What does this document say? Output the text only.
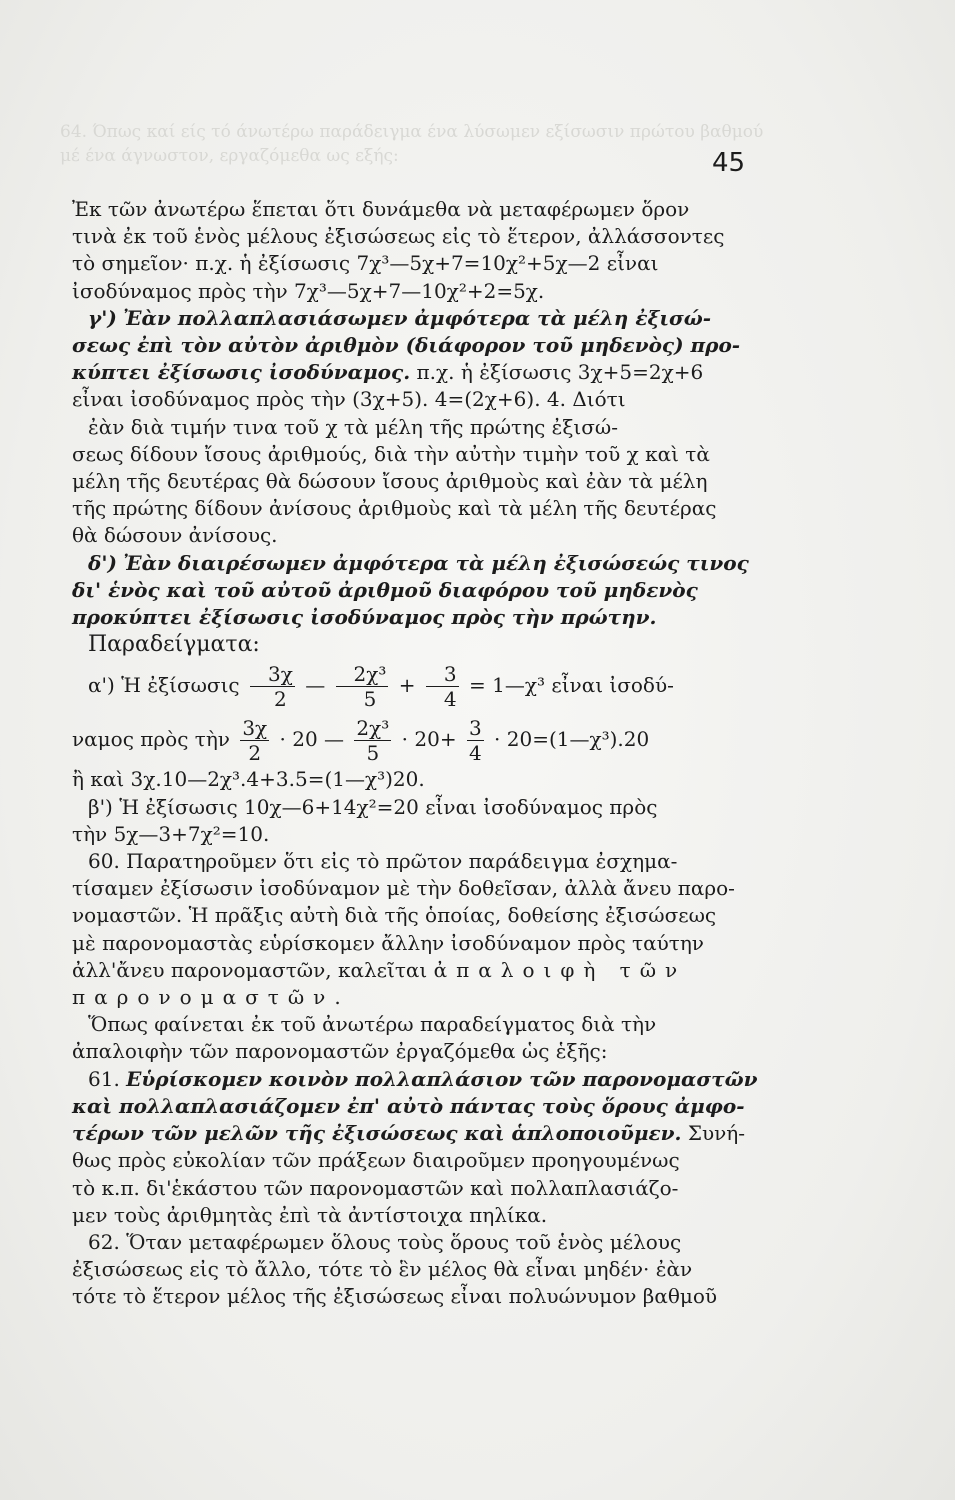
64. Όπως καί είς τό άνωτέρω παράδειγμα ένα λύσωμεν εξίσωσιν πρώτου βαθμού μέ ένα άγνωστον, εργαζόμεθα ως εξής:	45

Ἐκ τῶν ἀνωτέρω ἕπεται ὅτι δυνάμεθα νὰ μεταφέρωμεν ὅρον

τινὰ ἐκ τοῦ ἑνὸς μέλους ἐξισώσεως εἰς τὸ ἕτερον, ἀλλάσσοντες

τὸ σημεῖον· π.χ. ἡ ἐξίσωσις 7χ³—5χ+7=10χ²+5χ—2 εἶναι

ἰσοδύναμος πρὸς τὴν 7χ³—5χ+7—10χ²+2=5χ.

γ') Ἐὰν πολλαπλασιάσωμεν ἀμφότερα τὰ μέλη ἐξισώ-

σεως ἐπὶ τὸν αὐτὸν ἀριθμὸν (διάφορον τοῦ μηδενὸς) προ-

κύπτει ἐξίσωσις ἰσοδύναμος. π.χ. ἡ ἐξίσωσις 3χ+5=2χ+6

εἶναι ἰσοδύναμος πρὸς τὴν (3χ+5). 4=(2χ+6). 4. Διότι

ἐὰν διὰ τιμήν τινα τοῦ χ τὰ μέλη τῆς πρώτης ἐξισώ-

σεως δίδουν ἴσους ἀριθμούς, διὰ τὴν αὐτὴν τιμὴν τοῦ χ καὶ τὰ

μέλη τῆς δευτέρας θὰ δώσουν ἴσους ἀριθμοὺς καὶ ἐὰν τὰ μέλη

τῆς πρώτης δίδουν ἀνίσους ἀριθμοὺς καὶ τὰ μέλη τῆς δευτέρας

θὰ δώσουν ἀνίσους.

δ') Ἐὰν διαιρέσωμεν ἀμφότερα τὰ μέλη ἐξισώσεώς τινος

δι' ἑνὸς καὶ τοῦ αὐτοῦ ἀριθμοῦ διαφόρου τοῦ μηδενὸς

προκύπτει ἐξίσωσις ἰσοδύναμος πρὸς τὴν πρώτην.

Παραδείγματα:

α') Ἡ ἐξίσωσις $\frac{3\chi}{2}$ — $\frac{\text{2χ³}}{5} + \frac{3}{4}$ = 1—χ³ εἶναι ἰσοδύ-
ναμος πρὸς τὴν $\frac{3\chi}{2} \cdot 20$ — $\frac{\text{2χ³}}{5} \cdot 20+ \frac{3}{4}$ · 20=(1—χ³).20

ἢ καὶ 3χ.10—2χ³.4+3.5=(1—χ³)20.

β') Ἡ ἐξίσωσις 10χ—6+14χ²=20 εἶναι ἰσοδύναμος πρὸς

τὴν 5χ—3+7χ²=10.

60. Παρατηροῦμεν ὅτι εἰς τὸ πρῶτον παράδειγμα ἐσχημα-

τίσαμεν ἐξίσωσιν ἰσοδύναμον μὲ τὴν δοθεῖσαν, ἀλλὰ ἄνευ παρο-

νομαστῶν. Ἡ πρᾶξις αὐτὴ διὰ τῆς ὁποίας, δοθείσης ἐξισώσεως

μὲ παρονομαστὰς εὑρίσκομεν ἄλλην ἰσοδύναμον πρὸς ταύτην

ἀλλ'ἄνευ παρονομαστῶν, καλεῖται ἀπαλοιφὴ τῶν

παρονομαστῶν.

Ὅπως φαίνεται ἐκ τοῦ ἀνωτέρω παραδείγματος διὰ τὴν

ἀπαλοιφὴν τῶν παρονομαστῶν ἐργαζόμεθα ὡς ἑξῆς:

61. Εὑρίσκομεν κοινὸν πολλαπλάσιον τῶν παρονομαστῶν

καὶ πολλαπλασιάζομεν ἐπ' αὐτὸ πάντας τοὺς ὅρους ἀμφο-

τέρων τῶν μελῶν τῆς ἐξισώσεως καὶ ἁπλοποιοῦμεν. Συνή-

θως πρὸς εὐκολίαν τῶν πράξεων διαιροῦμεν προηγουμένως

τὸ κ.π. δι'ἑκάστου τῶν παρονομαστῶν καὶ πολλαπλασιάζο-

μεν τοὺς ἀριθμητὰς ἐπὶ τὰ ἀντίστοιχα πηλίκα.

62. Ὅταν μεταφέρωμεν ὅλους τοὺς ὅρους τοῦ ἑνὸς μέλους

ἐξισώσεως εἰς τὸ ἄλλο, τότε τὸ ἓν μέλος θὰ εἶναι μηδέν· ἐὰν

τότε τὸ ἕτερον μέλος τῆς ἐξισώσεως εἶναι πολυώνυμον βαθμοῦ
